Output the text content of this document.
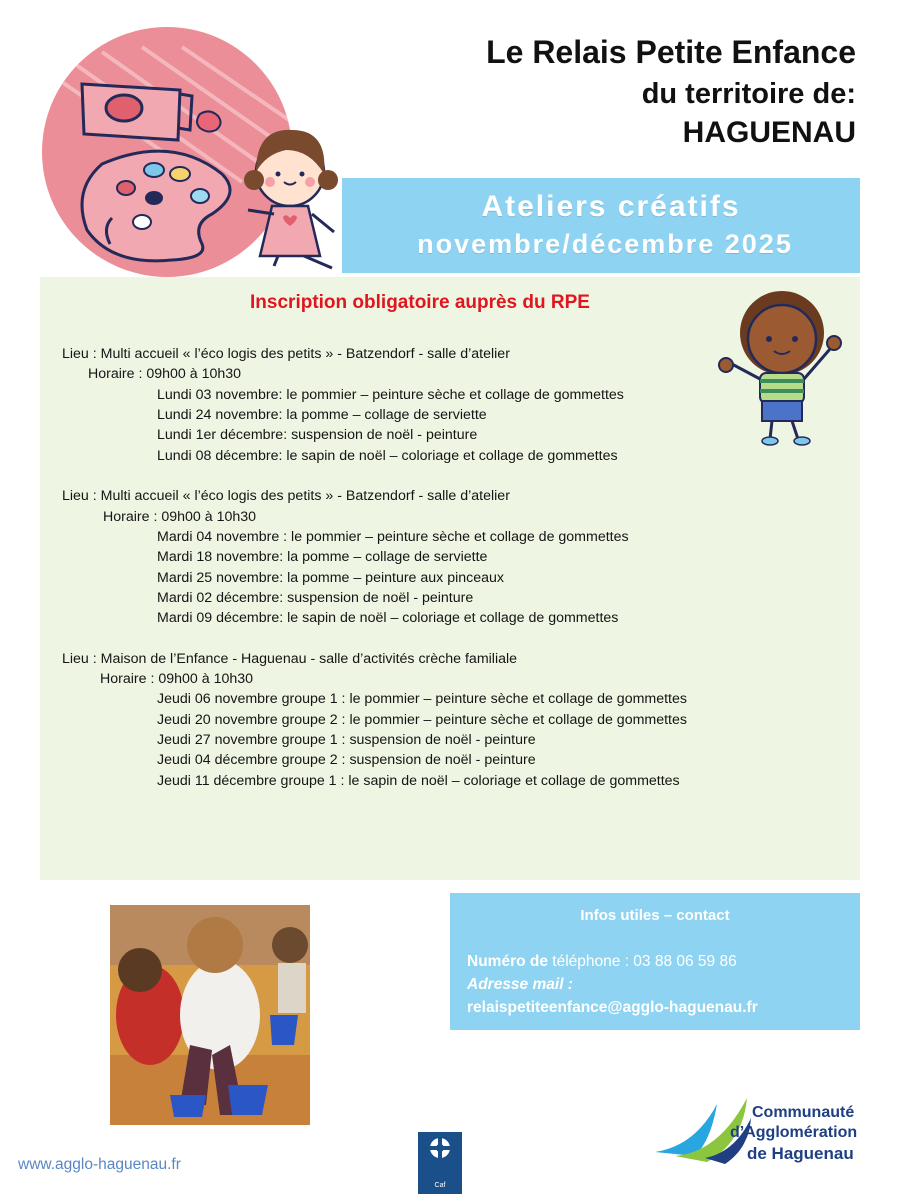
Le Relais Petite Enfance
du territoire de:
HAGUENAU
Ateliers créatifs
novembre/décembre 2025
Inscription obligatoire auprès du RPE
Lieu : Multi accueil « l’éco logis des petits » - Batzendorf - salle d’atelier
Horaire : 09h00 à 10h30
Lundi 03 novembre: le pommier – peinture sèche et collage de gommettes
Lundi 24 novembre: la pomme – collage de serviette
Lundi 1er décembre: suspension de noël - peinture
Lundi 08 décembre: le sapin de noël – coloriage et collage de gommettes
Lieu : Multi accueil « l’éco logis des petits » - Batzendorf - salle d’atelier
Horaire : 09h00 à 10h30
Mardi 04 novembre : le pommier – peinture sèche et collage de gommettes
Mardi 18 novembre: la pomme – collage de serviette
Mardi 25 novembre: la pomme – peinture aux pinceaux
Mardi 02 décembre: suspension de noël - peinture
Mardi 09 décembre: le sapin de noël – coloriage et collage de gommettes
Lieu : Maison de l’Enfance - Haguenau - salle d’activités crèche familiale
Horaire : 09h00 à 10h30
Jeudi 06 novembre groupe 1 : le pommier – peinture sèche et collage de gommettes
Jeudi 20 novembre groupe 2 : le pommier – peinture sèche et collage de gommettes
Jeudi 27 novembre groupe 1 : suspension de noël - peinture
Jeudi 04 décembre groupe 2 : suspension de noël - peinture
Jeudi 11 décembre groupe 1 : le sapin de noël – coloriage et collage de gommettes
Infos utiles – contact
Numéro de téléphone : 03 88 06 59 86
Adresse mail :
relaispetiteenfance@agglo-haguenau.fr
www.agglo-haguenau.fr
Caf
Communauté
d’Agglomération
de Haguenau
